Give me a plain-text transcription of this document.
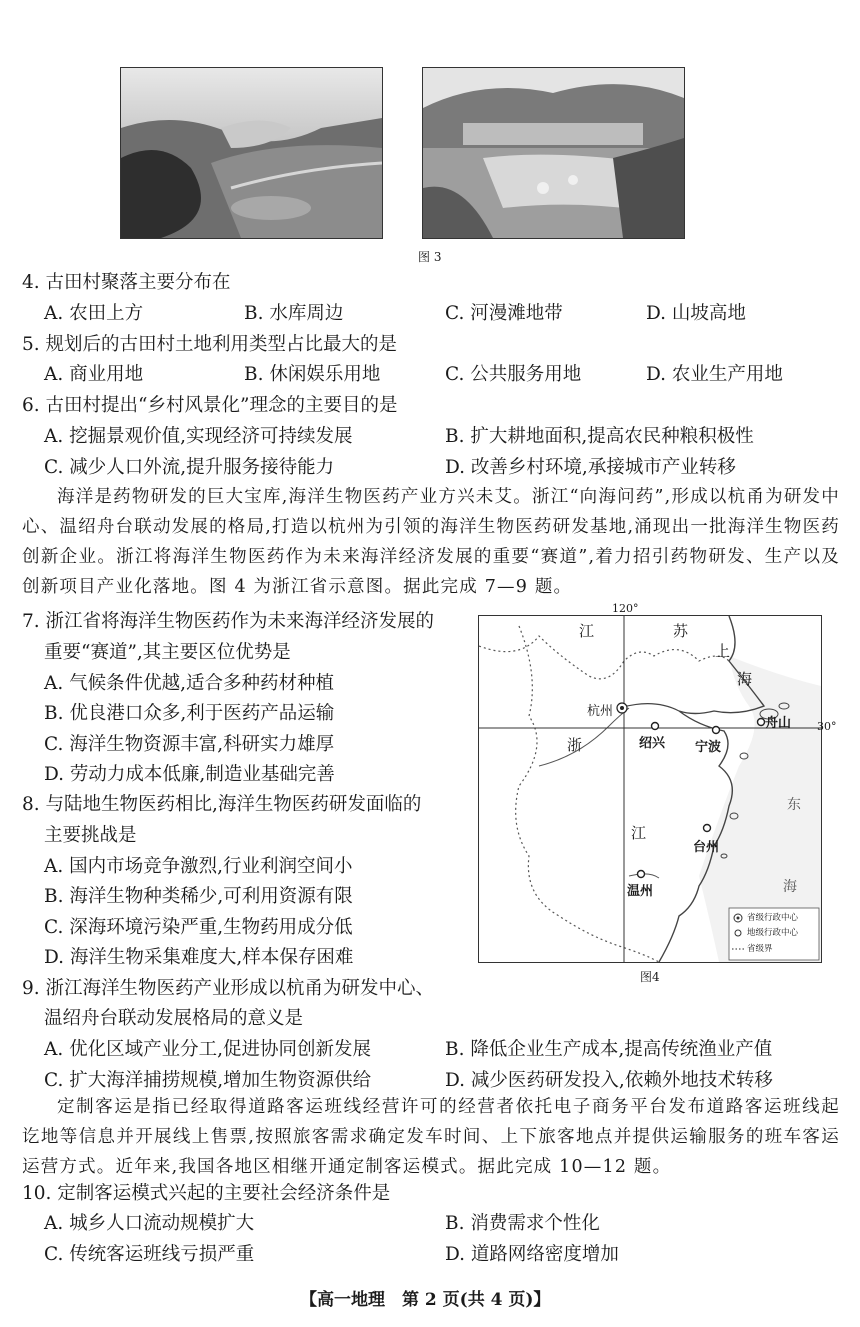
图 3
4. 古田村聚落主要分布在
A. 农田上方	B. 水库周边	C. 河漫滩地带	D. 山坡高地
5. 规划后的古田村土地利用类型占比最大的是
A. 商业用地	B. 休闲娱乐用地	C. 公共服务用地	D. 农业生产用地
6. 古田村提出“乡村风景化”理念的主要目的是
A. 挖掘景观价值,实现经济可持续发展	B. 扩大耕地面积,提高农民种粮积极性
C. 减少人口外流,提升服务接待能力	D. 改善乡村环境,承接城市产业转移
海洋是药物研发的巨大宝库,海洋生物医药产业方兴未艾。浙江“向海问药”,形成以杭甬为研发中心、温绍舟台联动发展的格局,打造以杭州为引领的海洋生物医药研发基地,涌现出一批海洋生物医药创新企业。浙江将海洋生物医药作为未来海洋经济发展的重要“赛道”,着力招引药物研发、生产以及创新项目产业化落地。图 4 为浙江省示意图。据此完成 7—9 题。
7. 浙江省将海洋生物医药作为未来海洋经济发展的
重要“赛道”,其主要区位优势是
A. 气候条件优越,适合多种药材种植
B. 优良港口众多,利于医药产品运输
C. 海洋生物资源丰富,科研实力雄厚
D. 劳动力成本低廉,制造业基础完善
8. 与陆地生物医药相比,海洋生物医药研发面临的
主要挑战是
A. 国内市场竞争激烈,行业利润空间小
B. 海洋生物种类稀少,可利用资源有限
C. 深海环境污染严重,生物药用成分低
D. 海洋生物采集难度大,样本保存困难
9. 浙江海洋生物医药产业形成以杭甬为研发中心、
温绍舟台联动发展格局的意义是
A. 优化区域产业分工,促进协同创新发展	B. 降低企业生产成本,提高传统渔业产值
C. 扩大海洋捕捞规模,增加生物资源供给	D. 减少医药研发投入,依赖外地技术转移
120°
30°
江	苏
上
海
浙
江
东
海
杭州
绍兴 宁波
舟山
台州
温州
省级行政中心
地级行政中心
省级界
图4
定制客运是指已经取得道路客运班线经营许可的经营者依托电子商务平台发布道路客运班线起讫地等信息并开展线上售票,按照旅客需求确定发车时间、上下旅客地点并提供运输服务的班车客运运营方式。近年来,我国各地区相继开通定制客运模式。据此完成 10—12 题。
10. 定制客运模式兴起的主要社会经济条件是
A. 城乡人口流动规模扩大	B. 消费需求个性化
C. 传统客运班线亏损严重	D. 道路网络密度增加
【高一地理　第 2 页(共 4 页)】
